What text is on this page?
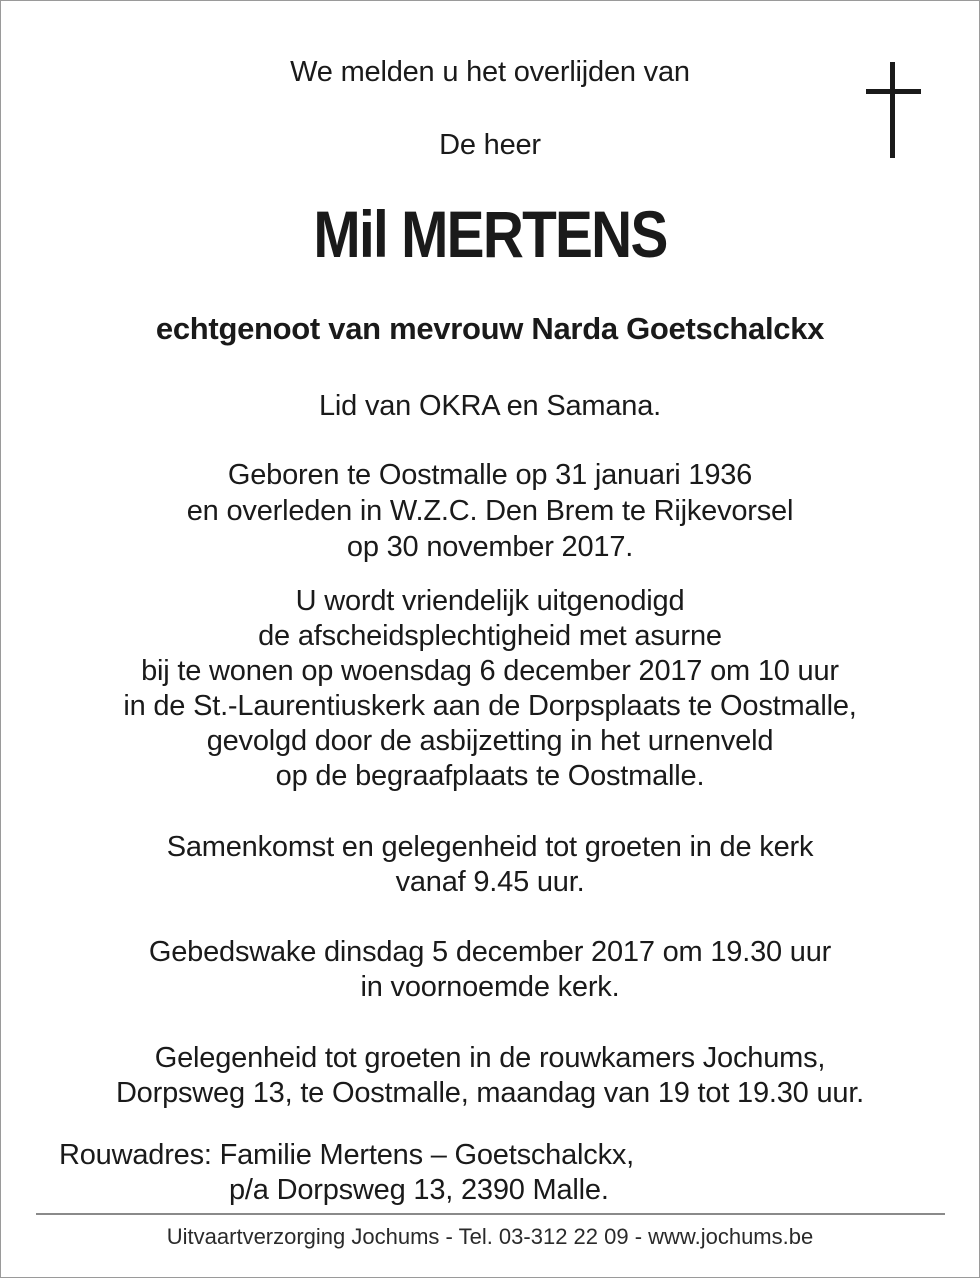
We melden u het overlijden van
De heer
Mil MERTENS
echtgenoot van mevrouw Narda Goetschalckx
Lid van OKRA en Samana.
Geboren te Oostmalle op 31 januari 1936
en overleden in W.Z.C. Den Brem te Rijkevorsel
op 30 november 2017.
U wordt vriendelijk uitgenodigd
de afscheidsplechtigheid met asurne
bij te wonen op woensdag 6 december 2017 om 10 uur
in de St.-Laurentiuskerk aan de Dorpsplaats te Oostmalle,
gevolgd door de asbijzetting in het urnenveld
op de begraafplaats te Oostmalle.
Samenkomst en gelegenheid tot groeten in de kerk
vanaf 9.45 uur.
Gebedswake dinsdag 5 december 2017 om 19.30 uur
in voornoemde kerk.
Gelegenheid tot groeten in de rouwkamers Jochums,
Dorpsweg 13, te Oostmalle, maandag van 19 tot 19.30 uur.
Rouwadres: Familie Mertens – Goetschalckx,
p/a Dorpsweg 13, 2390 Malle.
Uitvaartverzorging Jochums - Tel. 03-312 22 09 - www.jochums.be
